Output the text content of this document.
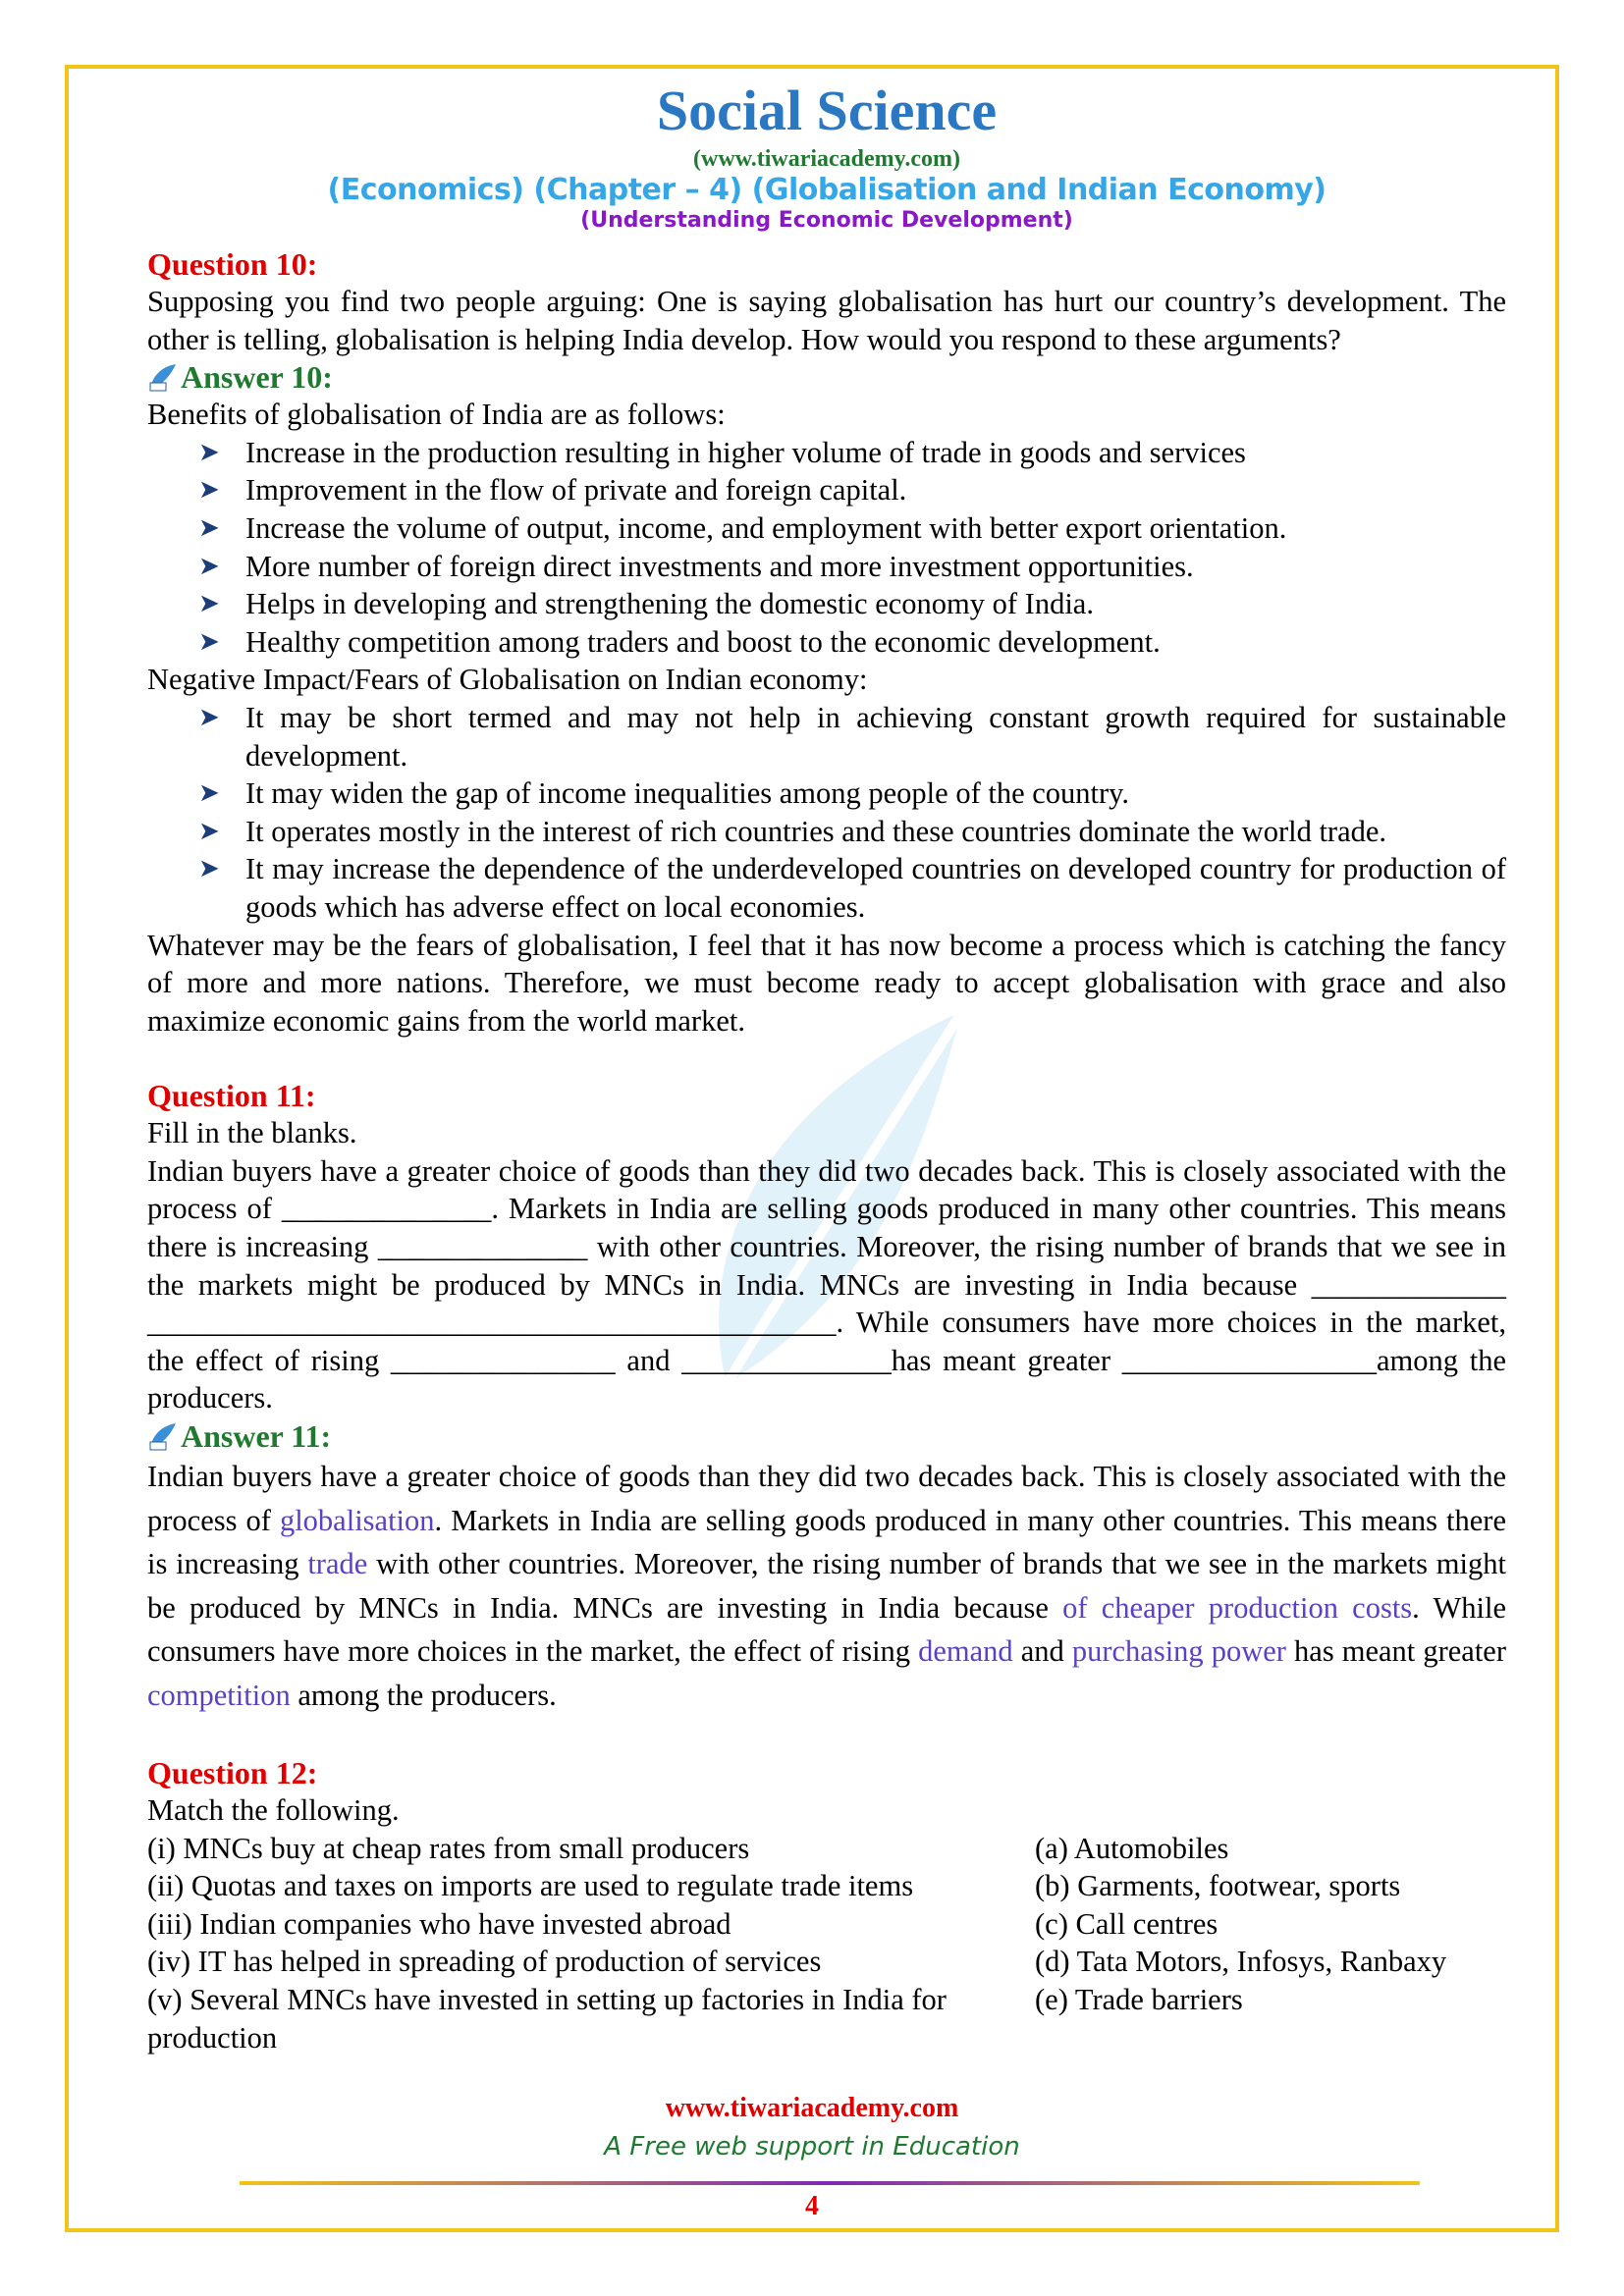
Social Science
(www.tiwariacademy.com)
(Economics) (Chapter – 4) (Globalisation and Indian Economy)
(Understanding Economic Development)
Question 10:
Supposing you find two people arguing: One is saying globalisation has hurt our country’s development. The other is telling, globalisation is helping India develop. How would you respond to these arguments?
Answer 10:
Benefits of globalisation of India are as follows:
➤ Increase in the production resulting in higher volume of trade in goods and services
➤ Improvement in the flow of private and foreign capital.
➤ Increase the volume of output, income, and employment with better export orientation.
➤ More number of foreign direct investments and more investment opportunities.
➤ Helps in developing and strengthening the domestic economy of India.
➤ Healthy competition among traders and boost to the economic development.
Negative Impact/Fears of Globalisation on Indian economy:
➤ It may be short termed and may not help in achieving constant growth required for sustainable development.
➤ It may widen the gap of income inequalities among people of the country.
➤ It operates mostly in the interest of rich countries and these countries dominate the world trade.
➤ It may increase the dependence of the underdeveloped countries on developed country for production of goods which has adverse effect on local economies.
Whatever may be the fears of globalisation, I feel that it has now become a process which is catching the fancy of more and more nations. Therefore, we must become ready to accept globalisation with grace and also maximize economic gains from the world market.
Question 11:
Fill in the blanks.
Indian buyers have a greater choice of goods than they did two decades back. This is closely associated with the process of ______________. Markets in India are selling goods produced in many other countries. This means there is increasing ______________ with other countries. Moreover, the rising number of brands that we see in the markets might be produced by MNCs in India. MNCs are investing in India because _____________ ______________________________________________. While consumers have more choices in the market, the effect of rising _______________ and ______________has meant greater _________________among the producers.
Answer 11:
Indian buyers have a greater choice of goods than they did two decades back. This is closely associated with the process of globalisation. Markets in India are selling goods produced in many other countries. This means there is increasing trade with other countries. Moreover, the rising number of brands that we see in the markets might be produced by MNCs in India. MNCs are investing in India because of cheaper production costs. While consumers have more choices in the market, the effect of rising demand and purchasing power has meant greater competition among the producers.
Question 12:
Match the following.
(i) MNCs buy at cheap rates from small producers	(a) Automobiles
(ii) Quotas and taxes on imports are used to regulate trade items	(b) Garments, footwear, sports
(iii) Indian companies who have invested abroad	(c) Call centres
(iv) IT has helped in spreading of production of services	(d) Tata Motors, Infosys, Ranbaxy
(v) Several MNCs have invested in setting up factories in India for production
(e) Trade barriers
www.tiwariacademy.com
A Free web support in Education
4
